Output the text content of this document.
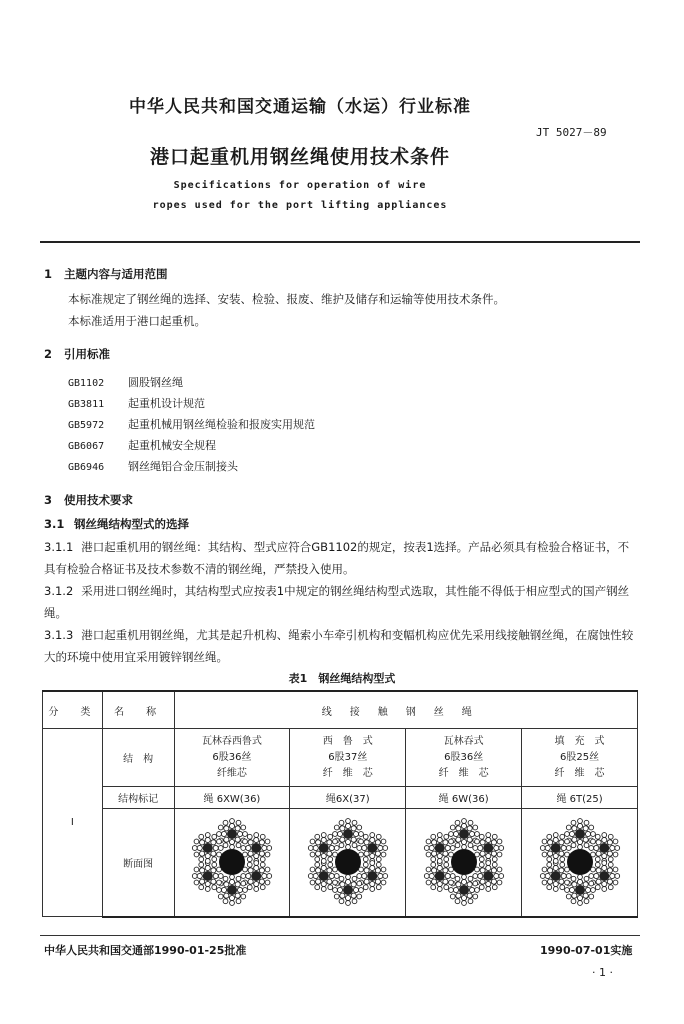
中华人民共和国交通运输（水运）行业标准
JT 5027－89
港口起重机用钢丝绳使用技术条件
Specifications for operation of wire
ropes used for the port lifting appliances
1 主题内容与适用范围
本标准规定了钢丝绳的选择、安装、检验、报废、维护及储存和运输等使用技术条件。
本标准适用于港口起重机。
2 引用标准
GB1102 圆股钢丝绳
GB3811 起重机设计规范
GB5972 起重机械用钢丝绳检验和报废实用规范
GB6067 起重机械安全规程
GB6946 钢丝绳铝合金压制接头
3 使用技术要求
3.1 钢丝绳结构型式的选择
3.1.1 港口起重机用的钢丝绳：其结构、型式应符合GB1102的规定，按表1选择。产品必须具有检验合格证书，不具有检验合格证书及技术参数不清的钢丝绳，严禁投入使用。
3.1.2 采用进口钢丝绳时，其结构型式应按表1中规定的钢丝绳结构型式选取，其性能不得低于相应型式的国产钢丝绳。
3.1.3 港口起重机用钢丝绳，尤其是起升机构、绳索小车牵引机构和变幅机构应优先采用线接触钢丝绳，在腐蚀性较大的环境中使用宜采用镀锌钢丝绳。
表1　钢丝绳结构型式
分　类	名　称	线接触钢丝绳			
I	结　构	瓦林吞西鲁式
6股36丝
纤维芯	西　鲁　式
6股37丝
纤　维　芯	瓦林吞式
6股36丝
纤　维　芯	填　充　式
6股25丝
纤　维　芯

	结构标记	绳 6XW(36)	绳6X(37)	绳 6W(36)	绳 6T(25)
	断面图	

中华人民共和国交通部1990-01-25批准	1990-07-01实施
· 1 ·
